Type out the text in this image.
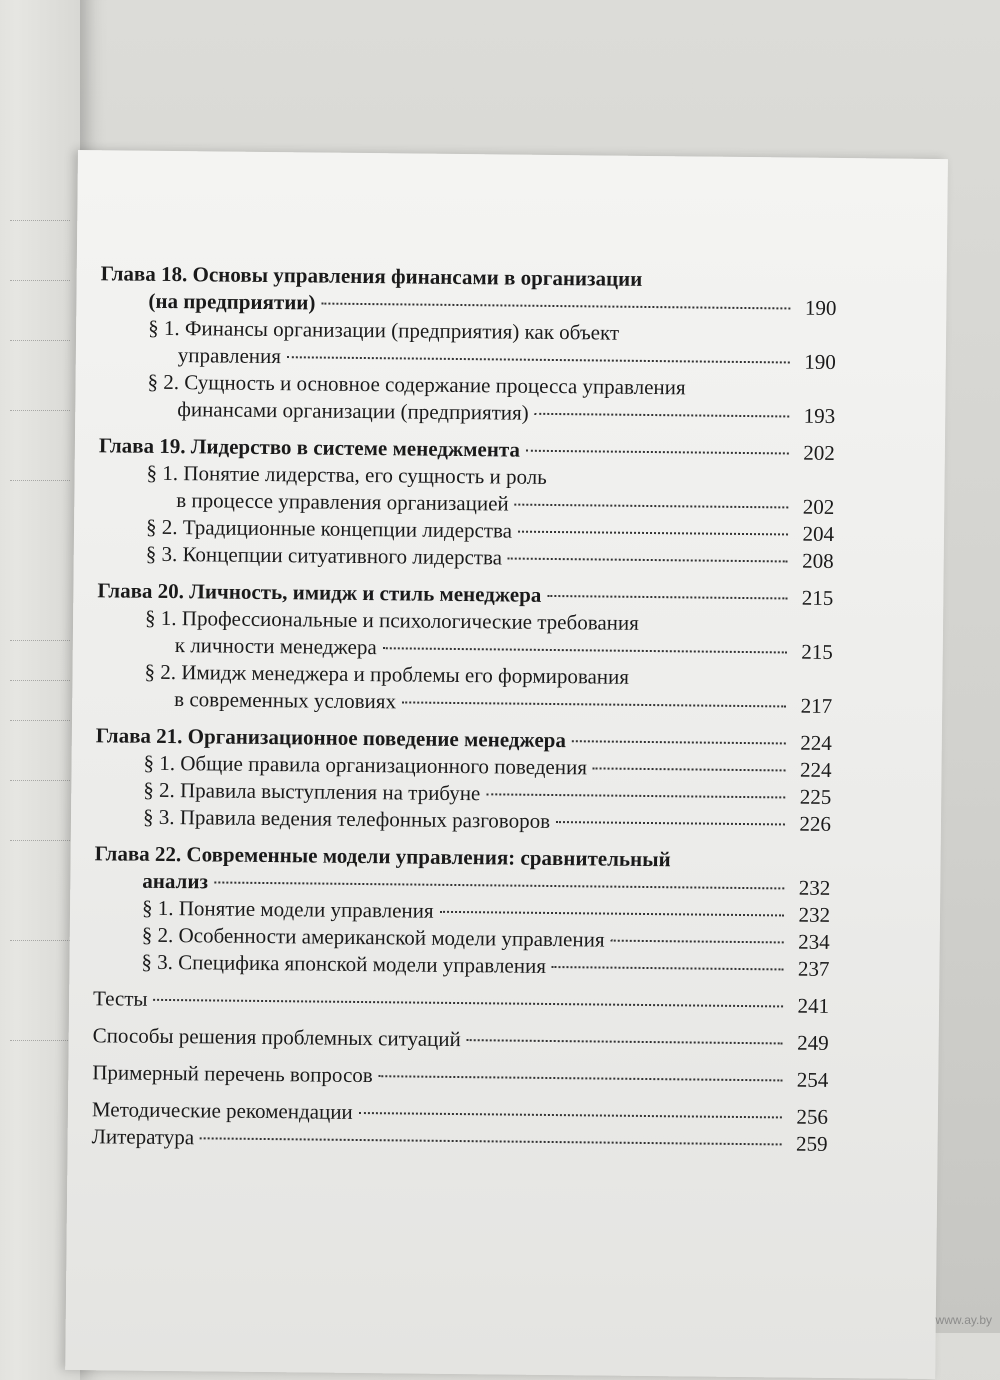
Глава 18. Основы управления финансами в организации
(на предприятии)	190
§ 1. Финансы организации (предприятия) как объект
управления	190
§ 2. Сущность и основное содержание процесса управления
финансами организации (предприятия)	193
Глава 19. Лидерство в системе менеджмента	202
§ 1. Понятие лидерства, его сущность и роль
в процессе управления организацией	202
§ 2. Традиционные концепции лидерства	204
§ 3. Концепции ситуативного лидерства	208
Глава 20. Личность, имидж и стиль менеджера	215
§ 1. Профессиональные и психологические требования
к личности менеджера	215
§ 2. Имидж менеджера и проблемы его формирования
в современных условиях	217
Глава 21. Организационное поведение менеджера	224
§ 1. Общие правила организационного поведения	224
§ 2. Правила выступления на трибуне	225
§ 3. Правила ведения телефонных разговоров	226
Глава 22. Современные модели управления: сравнительный
анализ	232
§ 1. Понятие модели управления	232
§ 2. Особенности американской модели управления	234
§ 3. Специфика японской модели управления	237
Тесты	241
Способы решения проблемных ситуаций	249
Примерный перечень вопросов	254
Методические рекомендации	256
Литература	259
www.ay.by
